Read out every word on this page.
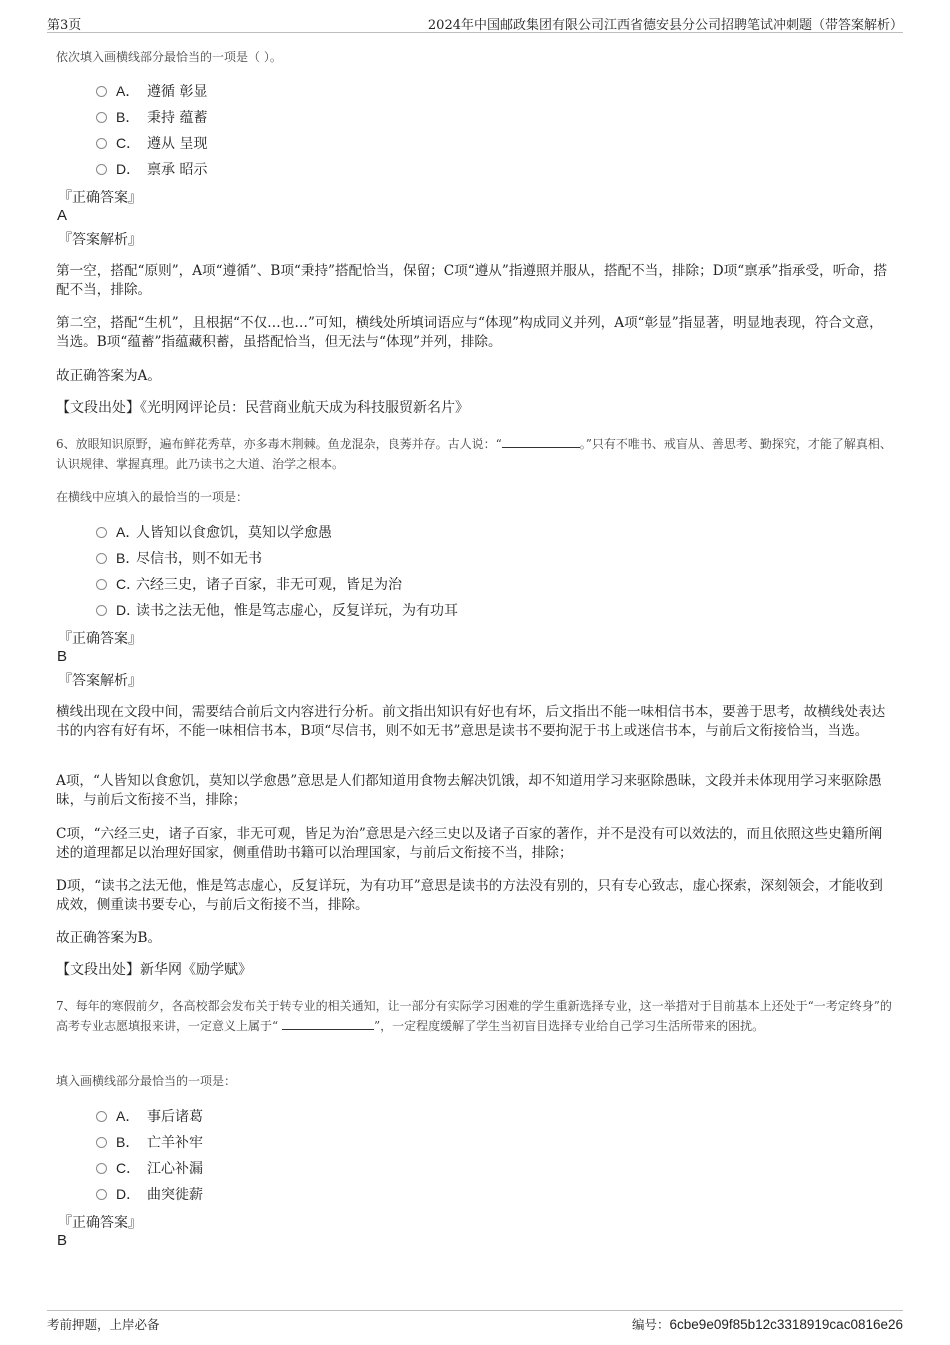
第3页	2024年中国邮政集团有限公司江西省德安县分公司招聘笔试冲刺题（带答案解析）
依次填入画横线部分最恰当的一项是（ ）。
A． 遵循 彰显
B． 秉持 蕴蓄
C． 遵从 呈现
D． 禀承 昭示
『正确答案』
A
『答案解析』
第一空，搭配“原则”，A项“遵循”、B项“秉持”搭配恰当，保留；C项“遵从”指遵照并服从，搭配不当，排除；D项“禀承”指承受，听命，搭配不当，排除。
第二空，搭配“生机”，且根据“不仅…也…”可知，横线处所填词语应与“体现”构成同义并列，A项“彰显”指显著，明显地表现，符合文意，当选。B项“蕴蓄”指蕴藏积蓄，虽搭配恰当，但无法与“体现”并列，排除。
故正确答案为A。
【文段出处】《光明网评论员：民营商业航天成为科技服贸新名片》
6、放眼知识原野，遍布鲜花秀草，亦多毒木荆棘。鱼龙混杂，良莠并存。古人说：“	。”只有不唯书、戒盲从、善思考、勤探究，才能了解真相、认识规律、掌握真理。此乃读书之大道、治学之根本。
在横线中应填入的最恰当的一项是：
A．人皆知以食愈饥，莫知以学愈愚
B．尽信书，则不如无书
C．六经三史，诸子百家，非无可观，皆足为治
D．读书之法无他，惟是笃志虚心，反复详玩，为有功耳
『正确答案』
B
『答案解析』
横线出现在文段中间，需要结合前后文内容进行分析。前文指出知识有好也有坏，后文指出不能一味相信书本，要善于思考，故横线处表达书的内容有好有坏，不能一味相信书本，B项“尽信书，则不如无书”意思是读书不要拘泥于书上或迷信书本，与前后文衔接恰当，当选。
A项，“人皆知以食愈饥，莫知以学愈愚”意思是人们都知道用食物去解决饥饿，却不知道用学习来驱除愚昧，文段并未体现用学习来驱除愚昧，与前后文衔接不当，排除；
C项，“六经三史，诸子百家，非无可观，皆足为治”意思是六经三史以及诸子百家的著作，并不是没有可以效法的，而且依照这些史籍所阐述的道理都足以治理好国家，侧重借助书籍可以治理国家，与前后文衔接不当，排除；
D项，“读书之法无他，惟是笃志虚心，反复详玩，为有功耳”意思是读书的方法没有别的，只有专心致志，虚心探索，深刻领会，才能收到成效，侧重读书要专心，与前后文衔接不当，排除。
故正确答案为B。
【文段出处】新华网《励学赋》
7、每年的寒假前夕，各高校都会发布关于转专业的相关通知，让一部分有实际学习困难的学生重新选择专业，这一举措对于目前基本上还处于“一考定终身”的高考专业志愿填报来讲，一定意义上属于“	”，一定程度缓解了学生当初盲目选择专业给自己学习生活所带来的困扰。
填入画横线部分最恰当的一项是：
A． 事后诸葛
B． 亡羊补牢
C． 江心补漏
D． 曲突徙薪
『正确答案』
B
考前押题，上岸必备	编号：6cbe9e09f85b12c3318919cac0816e26
